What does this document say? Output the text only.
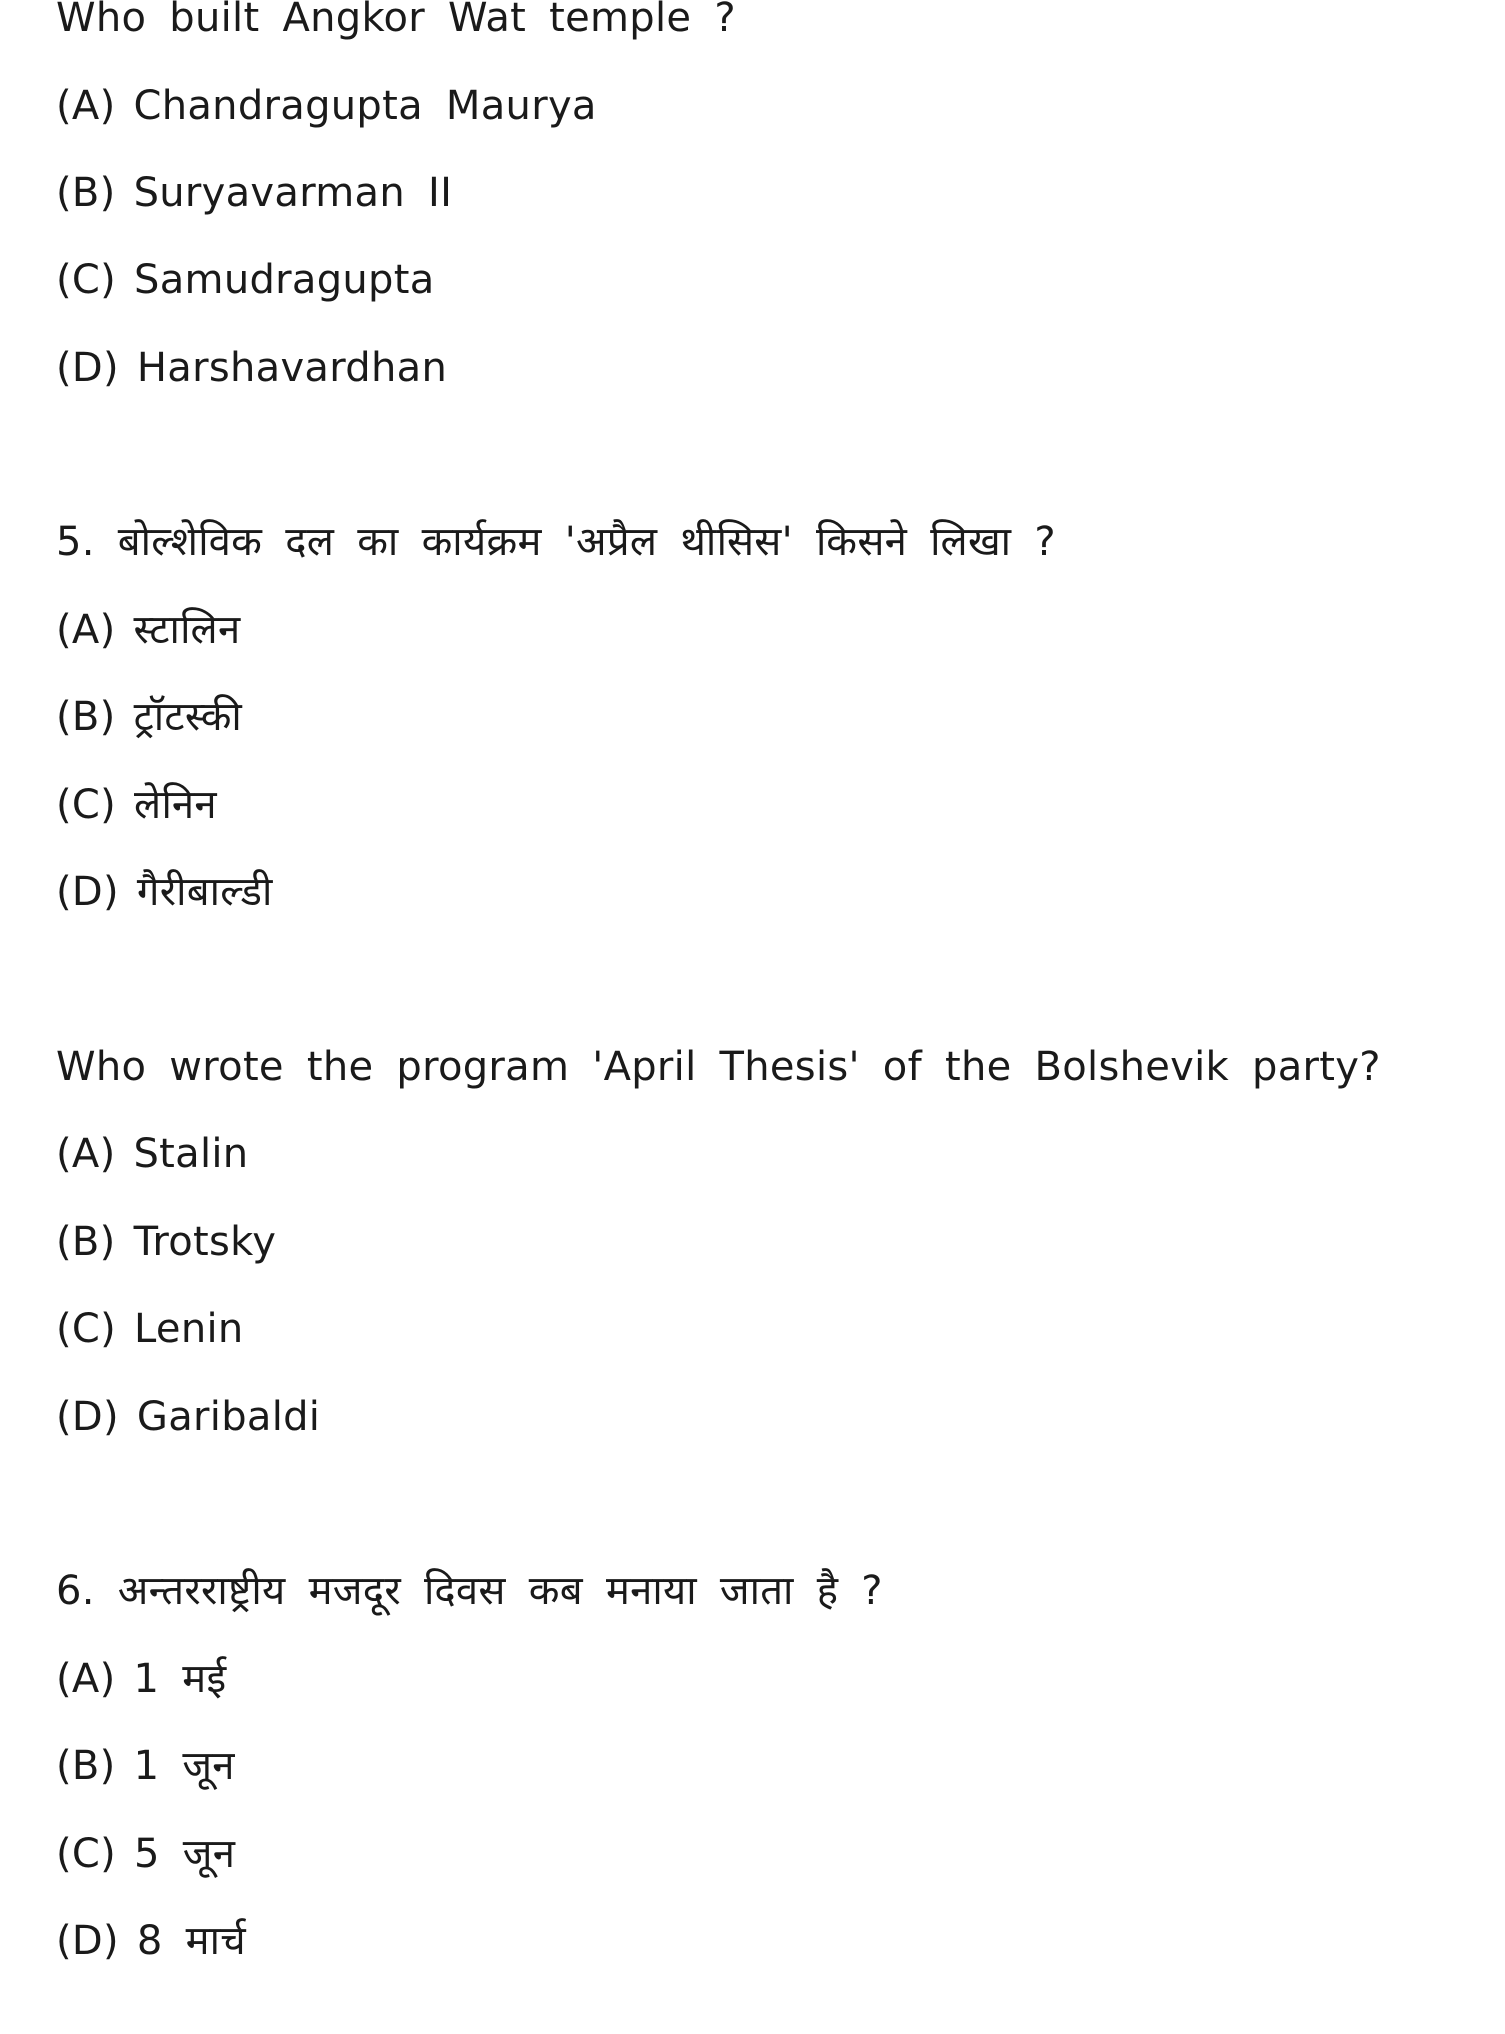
Who built Angkor Wat temple ?
(A) Chandragupta Maurya
(B) Suryavarman II
(C) Samudragupta
(D) Harshavardhan
5. बोल्शेविक दल का कार्यक्रम 'अप्रैल थीसिस' किसने लिखा ?
(A) स्टालिन
(B) ट्रॉटस्की
(C) लेनिन
(D) गैरीबाल्डी
Who wrote the program 'April Thesis' of the Bolshevik party?
(A) Stalin
(B) Trotsky
(C) Lenin
(D) Garibaldi
6. अन्तरराष्ट्रीय मजदूर दिवस कब मनाया जाता है ?
(A) 1 मई
(B) 1 जून
(C) 5 जून
(D) 8 मार्च
